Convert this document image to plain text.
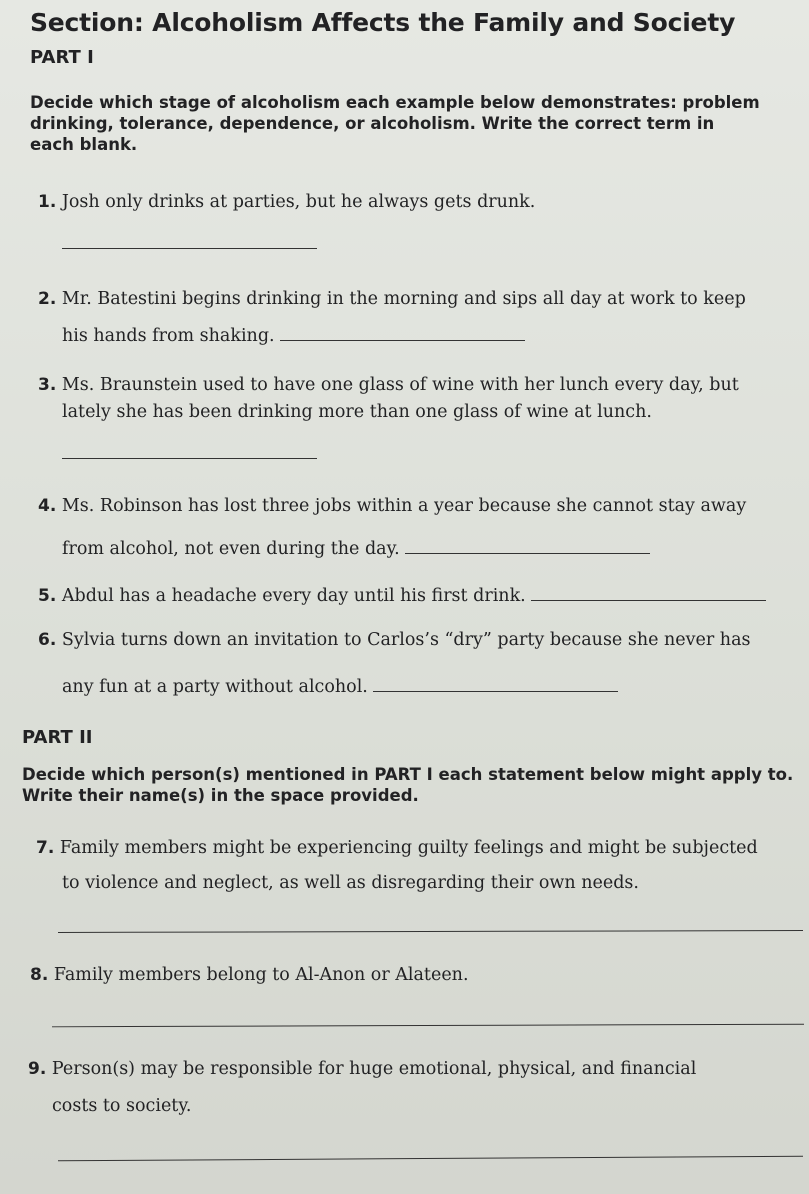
Section: Alcoholism Affects the Family and Society
PART I
Decide which stage of alcoholism each example below demonstrates: problem
drinking, tolerance, dependence, or alcoholism. Write the correct term in
each blank.
1. Josh only drinks at parties, but he always gets drunk.
2. Mr. Batestini begins drinking in the morning and sips all day at work to keep
his hands from shaking.
3. Ms. Braunstein used to have one glass of wine with her lunch every day, but
lately she has been drinking more than one glass of wine at lunch.
4. Ms. Robinson has lost three jobs within a year because she cannot stay away
from alcohol, not even during the day.
5. Abdul has a headache every day until his first drink.
6. Sylvia turns down an invitation to Carlos’s “dry” party because she never has
any fun at a party without alcohol.
PART II
Decide which person(s) mentioned in PART I each statement below might apply to.
Write their name(s) in the space provided.
7. Family members might be experiencing guilty feelings and might be subjected
to violence and neglect, as well as disregarding their own needs.
8. Family members belong to Al-Anon or Alateen.
9. Person(s) may be responsible for huge emotional, physical, and financial
costs to society.
